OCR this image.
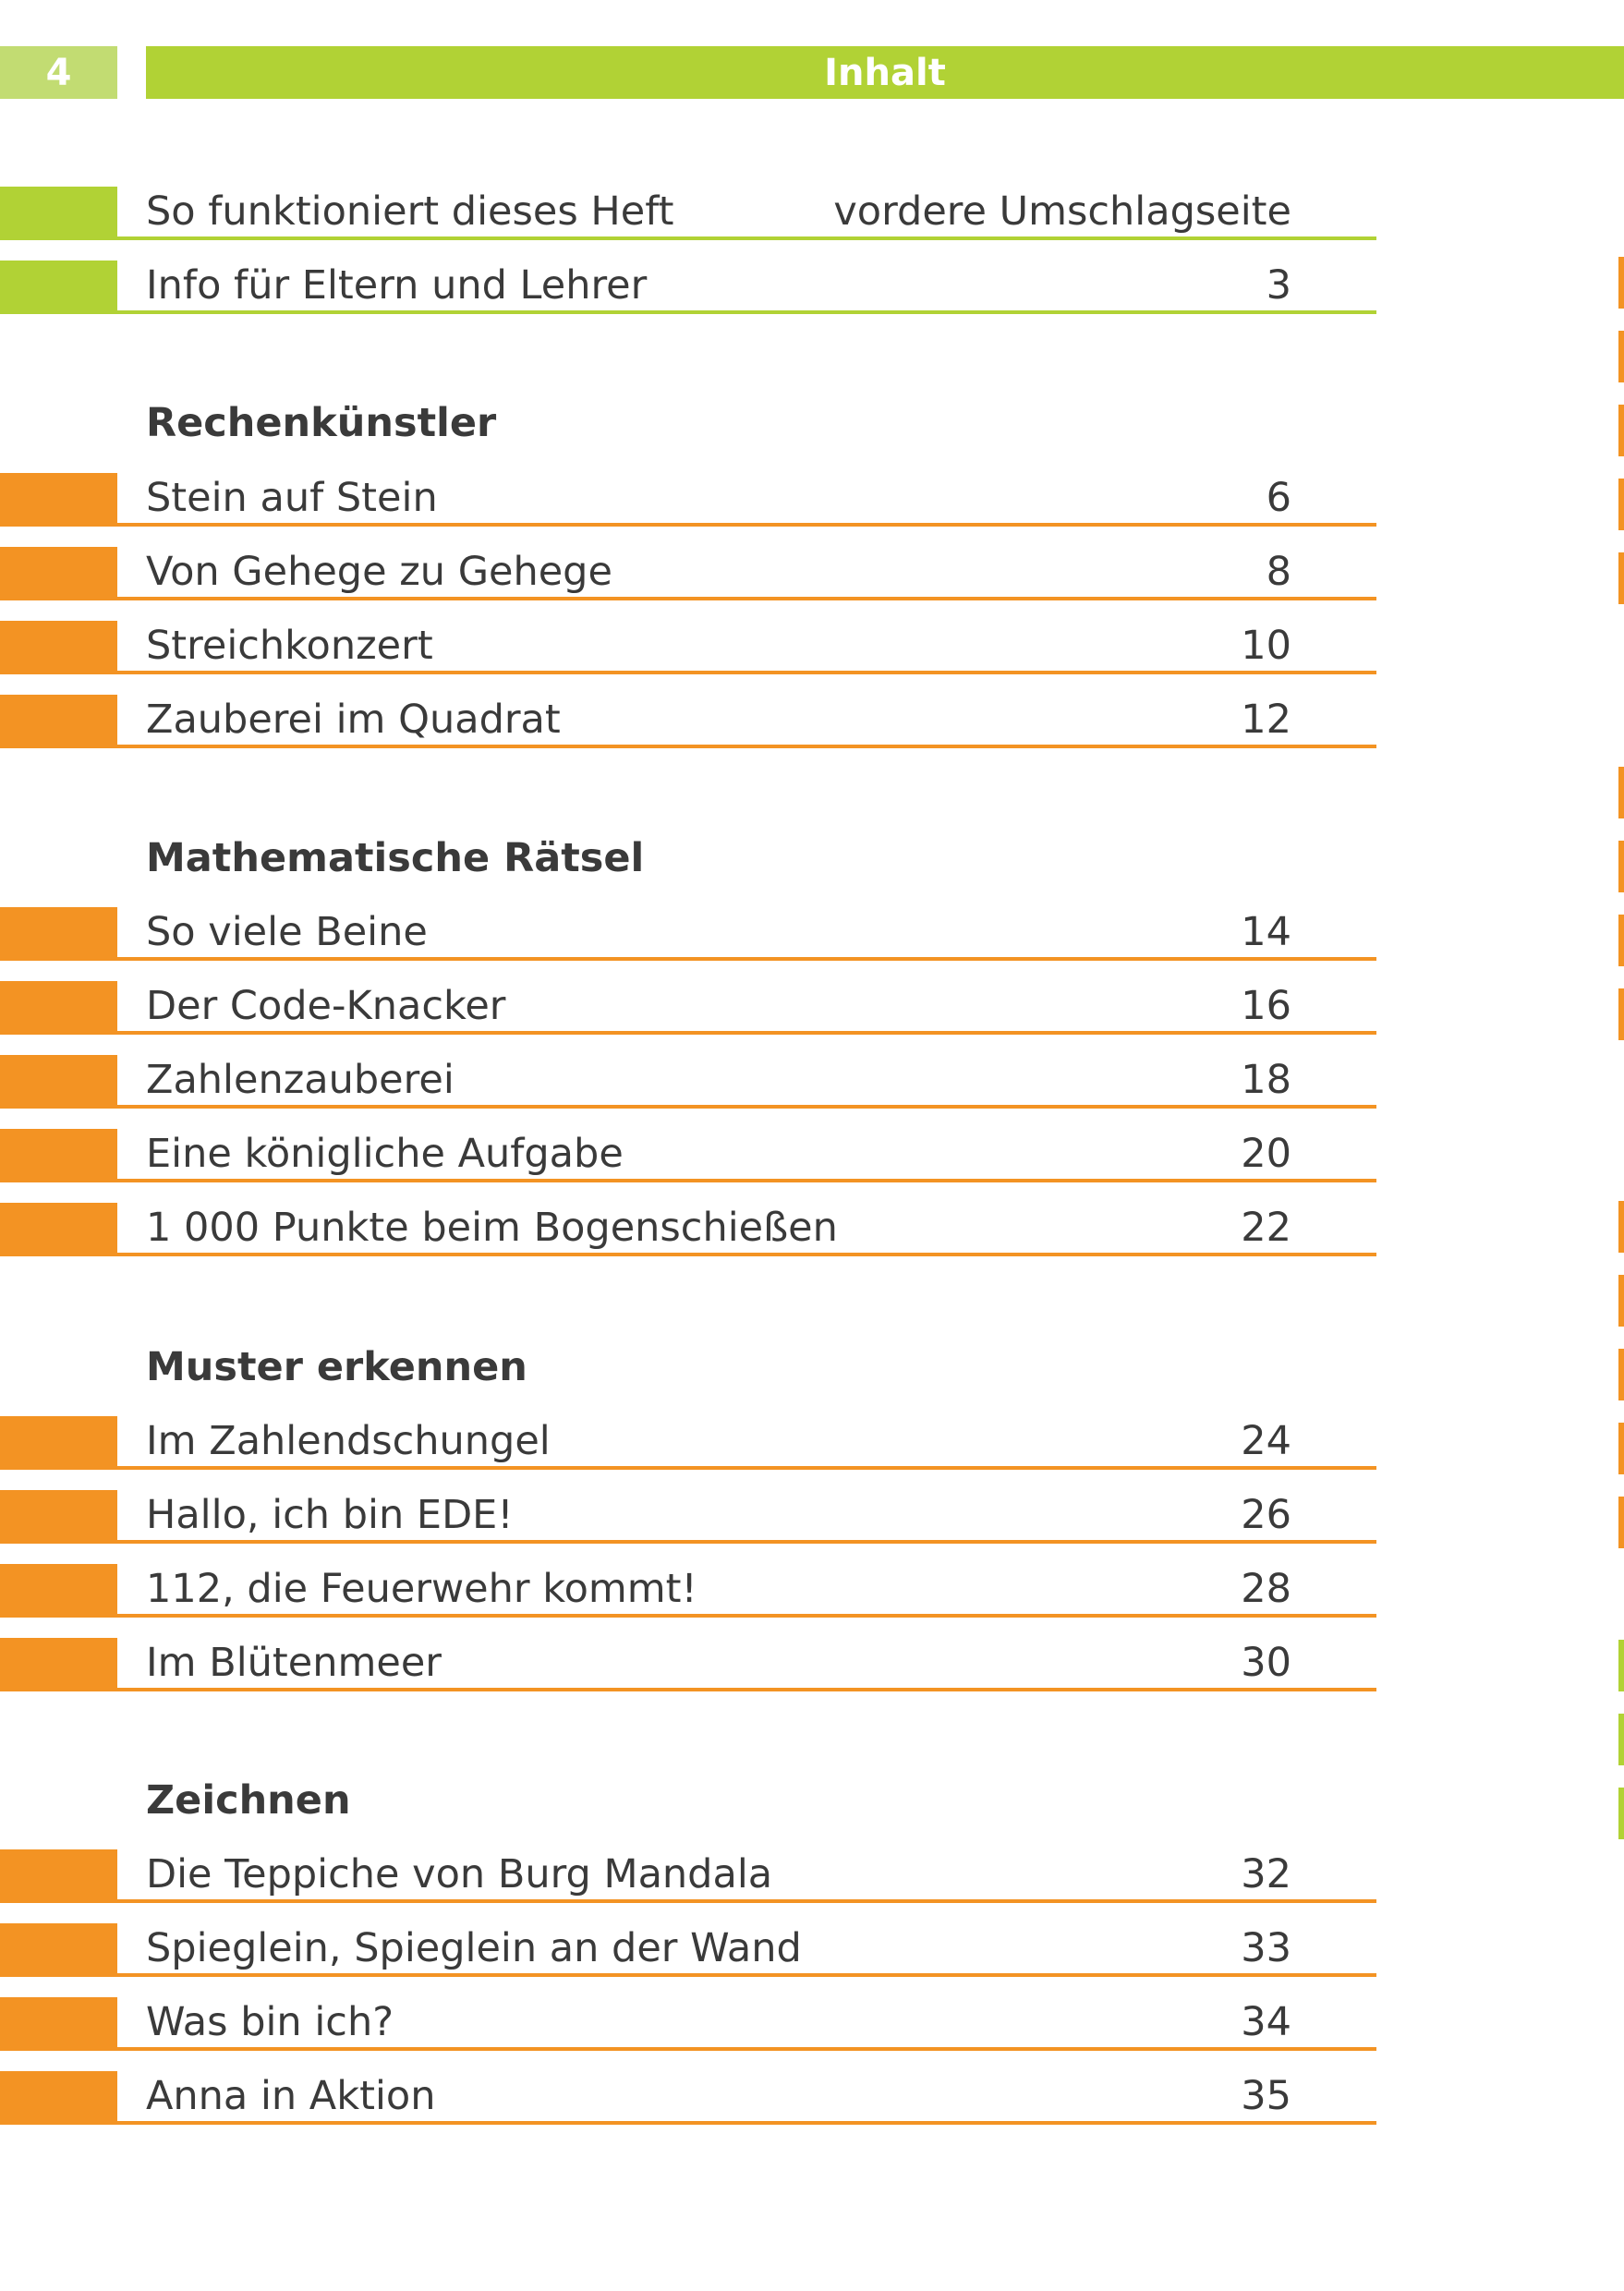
4	Inhalt
So funktioniert dieses Heft	vordere Umschlagseite
Info für Eltern und Lehrer	3
Rechenkünstler
Stein auf Stein	6
Von Gehege zu Gehege	8
Streichkonzert	10
Zauberei im Quadrat	12
Mathematische Rätsel
So viele Beine	14
Der Code-Knacker	16
Zahlenzauberei	18
Eine königliche Aufgabe	20
1 000 Punkte beim Bogenschießen	22
Muster erkennen
Im Zahlendschungel	24
Hallo, ich bin EDE!	26
112, die Feuerwehr kommt!	28
Im Blütenmeer	30
Zeichnen
Die Teppiche von Burg Mandala	32
Spieglein, Spieglein an der Wand	33
Was bin ich?	34
Anna in Aktion	35
